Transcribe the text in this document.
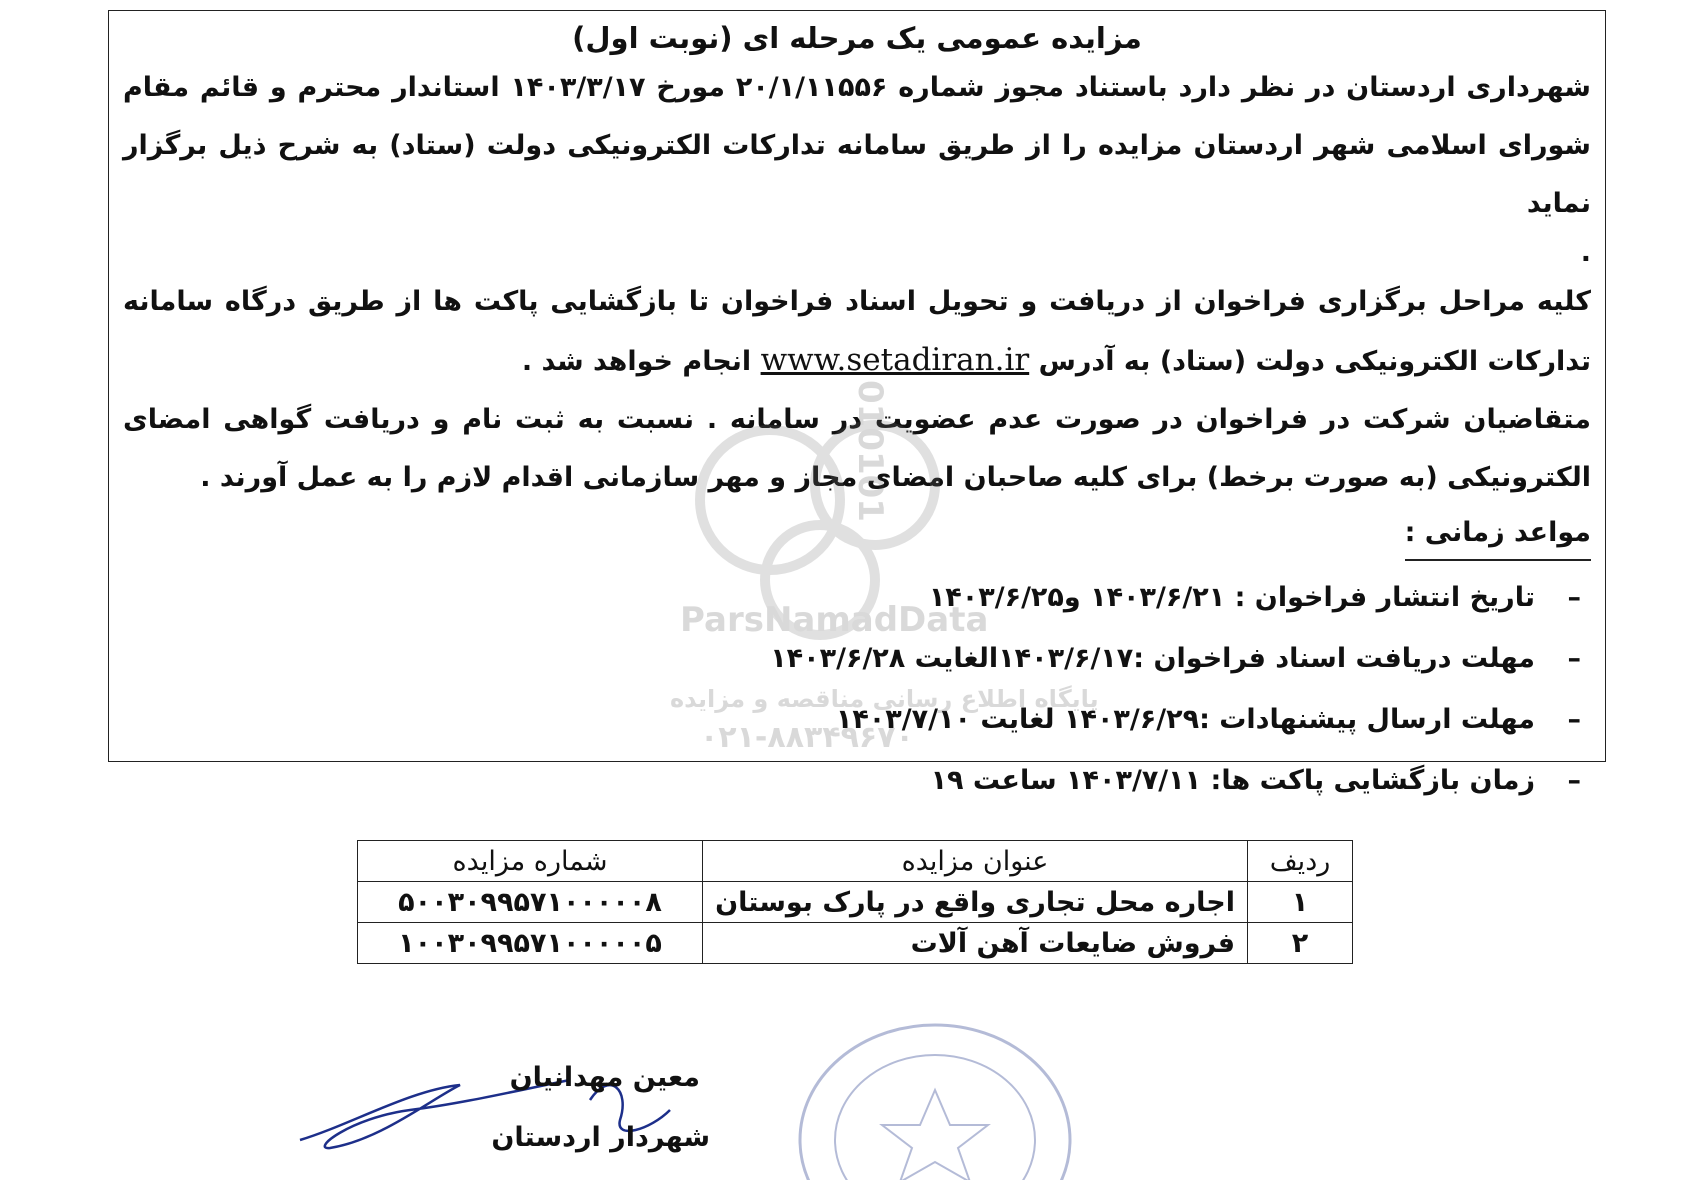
مزایده عمومی یک مرحله ای (نوبت اول)

شهرداری اردستان در نظر دارد باستناد مجوز شماره ۲۰/۱/۱۱۵۵۶ مورخ ۱۴۰۳/۳/۱۷ استاندار محترم و قائم مقام شورای اسلامی شهر اردستان مزایده را از طریق سامانه تدارکات الکترونیکی دولت (ستاد) به شرح ذیل برگزار نماید

.

کلیه مراحل برگزاری فراخوان از دریافت و تحویل اسناد فراخوان تا بازگشایی پاکت ها از طریق درگاه سامانه تدارکات الکترونیکی دولت (ستاد) به آدرس www.setadiran.ir انجام خواهد شد .

متقاضیان شرکت در فراخوان در صورت عدم عضویت در سامانه . نسبت به ثبت نام و دریافت گواهی امضای الکترونیکی (به صورت برخط) برای کلیه صاحبان امضای مجاز و مهر سازمانی اقدام لازم را به عمل آورند .

مواعد زمانی :

–تاریخ انتشار فراخوان : ۱۴۰۳/۶/۲۱ و۱۴۰۳/۶/۲۵
–مهلت دریافت اسناد فراخوان :۱۴۰۳/۶/۱۷الغایت ۱۴۰۳/۶/۲۸
–مهلت ارسال پیشنهادات :۱۴۰۳/۶/۲۹ لغایت ۱۴۰۳/۷/۱۰
–زمان بازگشایی پاکت ها: ۱۴۰۳/۷/۱۱ ساعت ۱۹
010101
ParsNamadData
پایگاه اطلاع رسانی مناقصه و مزایده
۰۲۱-۸۸۳۴۹۶۷۰
ردیف	عنوان مزایده	شماره مزایده
۱	اجاره محل تجاری واقع در پارک بوستان	۵۰۰۳۰۹۹۵۷۱۰۰۰۰۰۸
۲	فروش ضایعات آهن آلات	۱۰۰۳۰۹۹۵۷۱۰۰۰۰۰۵

معین مهدانیان

شهردار اردستان
